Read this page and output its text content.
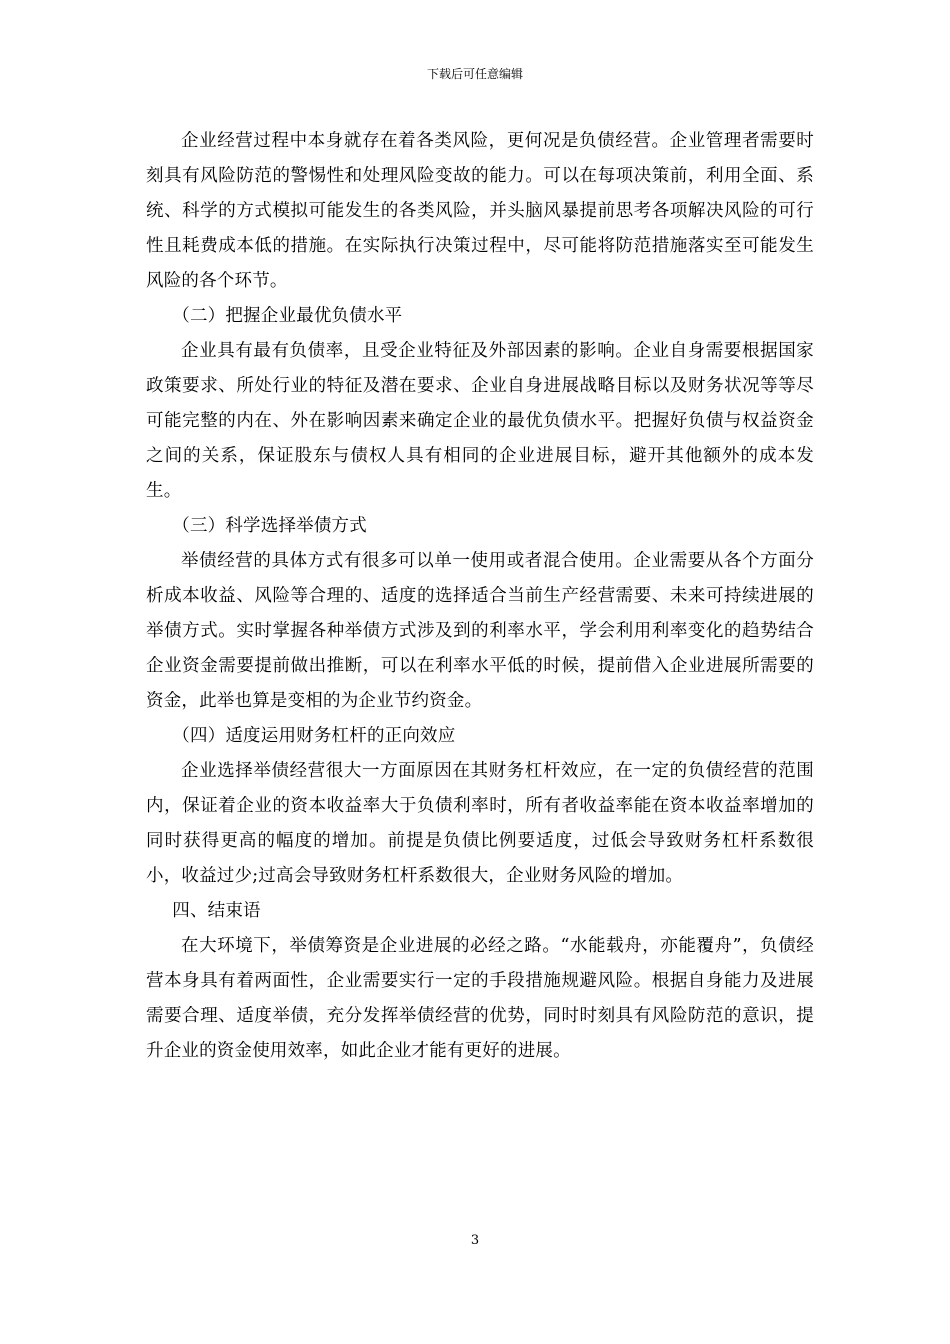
下载后可任意编辑

企业经营过程中本身就存在着各类风险，更何况是负债经营。企业管理者需要时刻具有风险防范的警惕性和处理风险变故的能力。可以在每项决策前，利用全面、系统、科学的方式模拟可能发生的各类风险，并头脑风暴提前思考各项解决风险的可行性且耗费成本低的措施。在实际执行决策过程中，尽可能将防范措施落实至可能发生风险的各个环节。

（二）把握企业最优负债水平

企业具有最有负债率，且受企业特征及外部因素的影响。企业自身需要根据国家政策要求、所处行业的特征及潜在要求、企业自身进展战略目标以及财务状况等等尽可能完整的内在、外在影响因素来确定企业的最优负债水平。把握好负债与权益资金之间的关系，保证股东与债权人具有相同的企业进展目标，避开其他额外的成本发生。

（三）科学选择举债方式

举债经营的具体方式有很多可以单一使用或者混合使用。企业需要从各个方面分析成本收益、风险等合理的、适度的选择适合当前生产经营需要、未来可持续进展的举债方式。实时掌握各种举债方式涉及到的利率水平，学会利用利率变化的趋势结合企业资金需要提前做出推断，可以在利率水平低的时候，提前借入企业进展所需要的资金，此举也算是变相的为企业节约资金。

（四）适度运用财务杠杆的正向效应

企业选择举债经营很大一方面原因在其财务杠杆效应，在一定的负债经营的范围内，保证着企业的资本收益率大于负债利率时，所有者收益率能在资本收益率增加的同时获得更高的幅度的增加。前提是负债比例要适度，过低会导致财务杠杆系数很小，收益过少;过高会导致财务杠杆系数很大，企业财务风险的增加。

四、结束语

在大环境下，举债筹资是企业进展的必经之路。“水能载舟，亦能覆舟”，负债经营本身具有着两面性，企业需要实行一定的手段措施规避风险。根据自身能力及进展需要合理、适度举债，充分发挥举债经营的优势，同时时刻具有风险防范的意识，提升企业的资金使用效率，如此企业才能有更好的进展。

3
